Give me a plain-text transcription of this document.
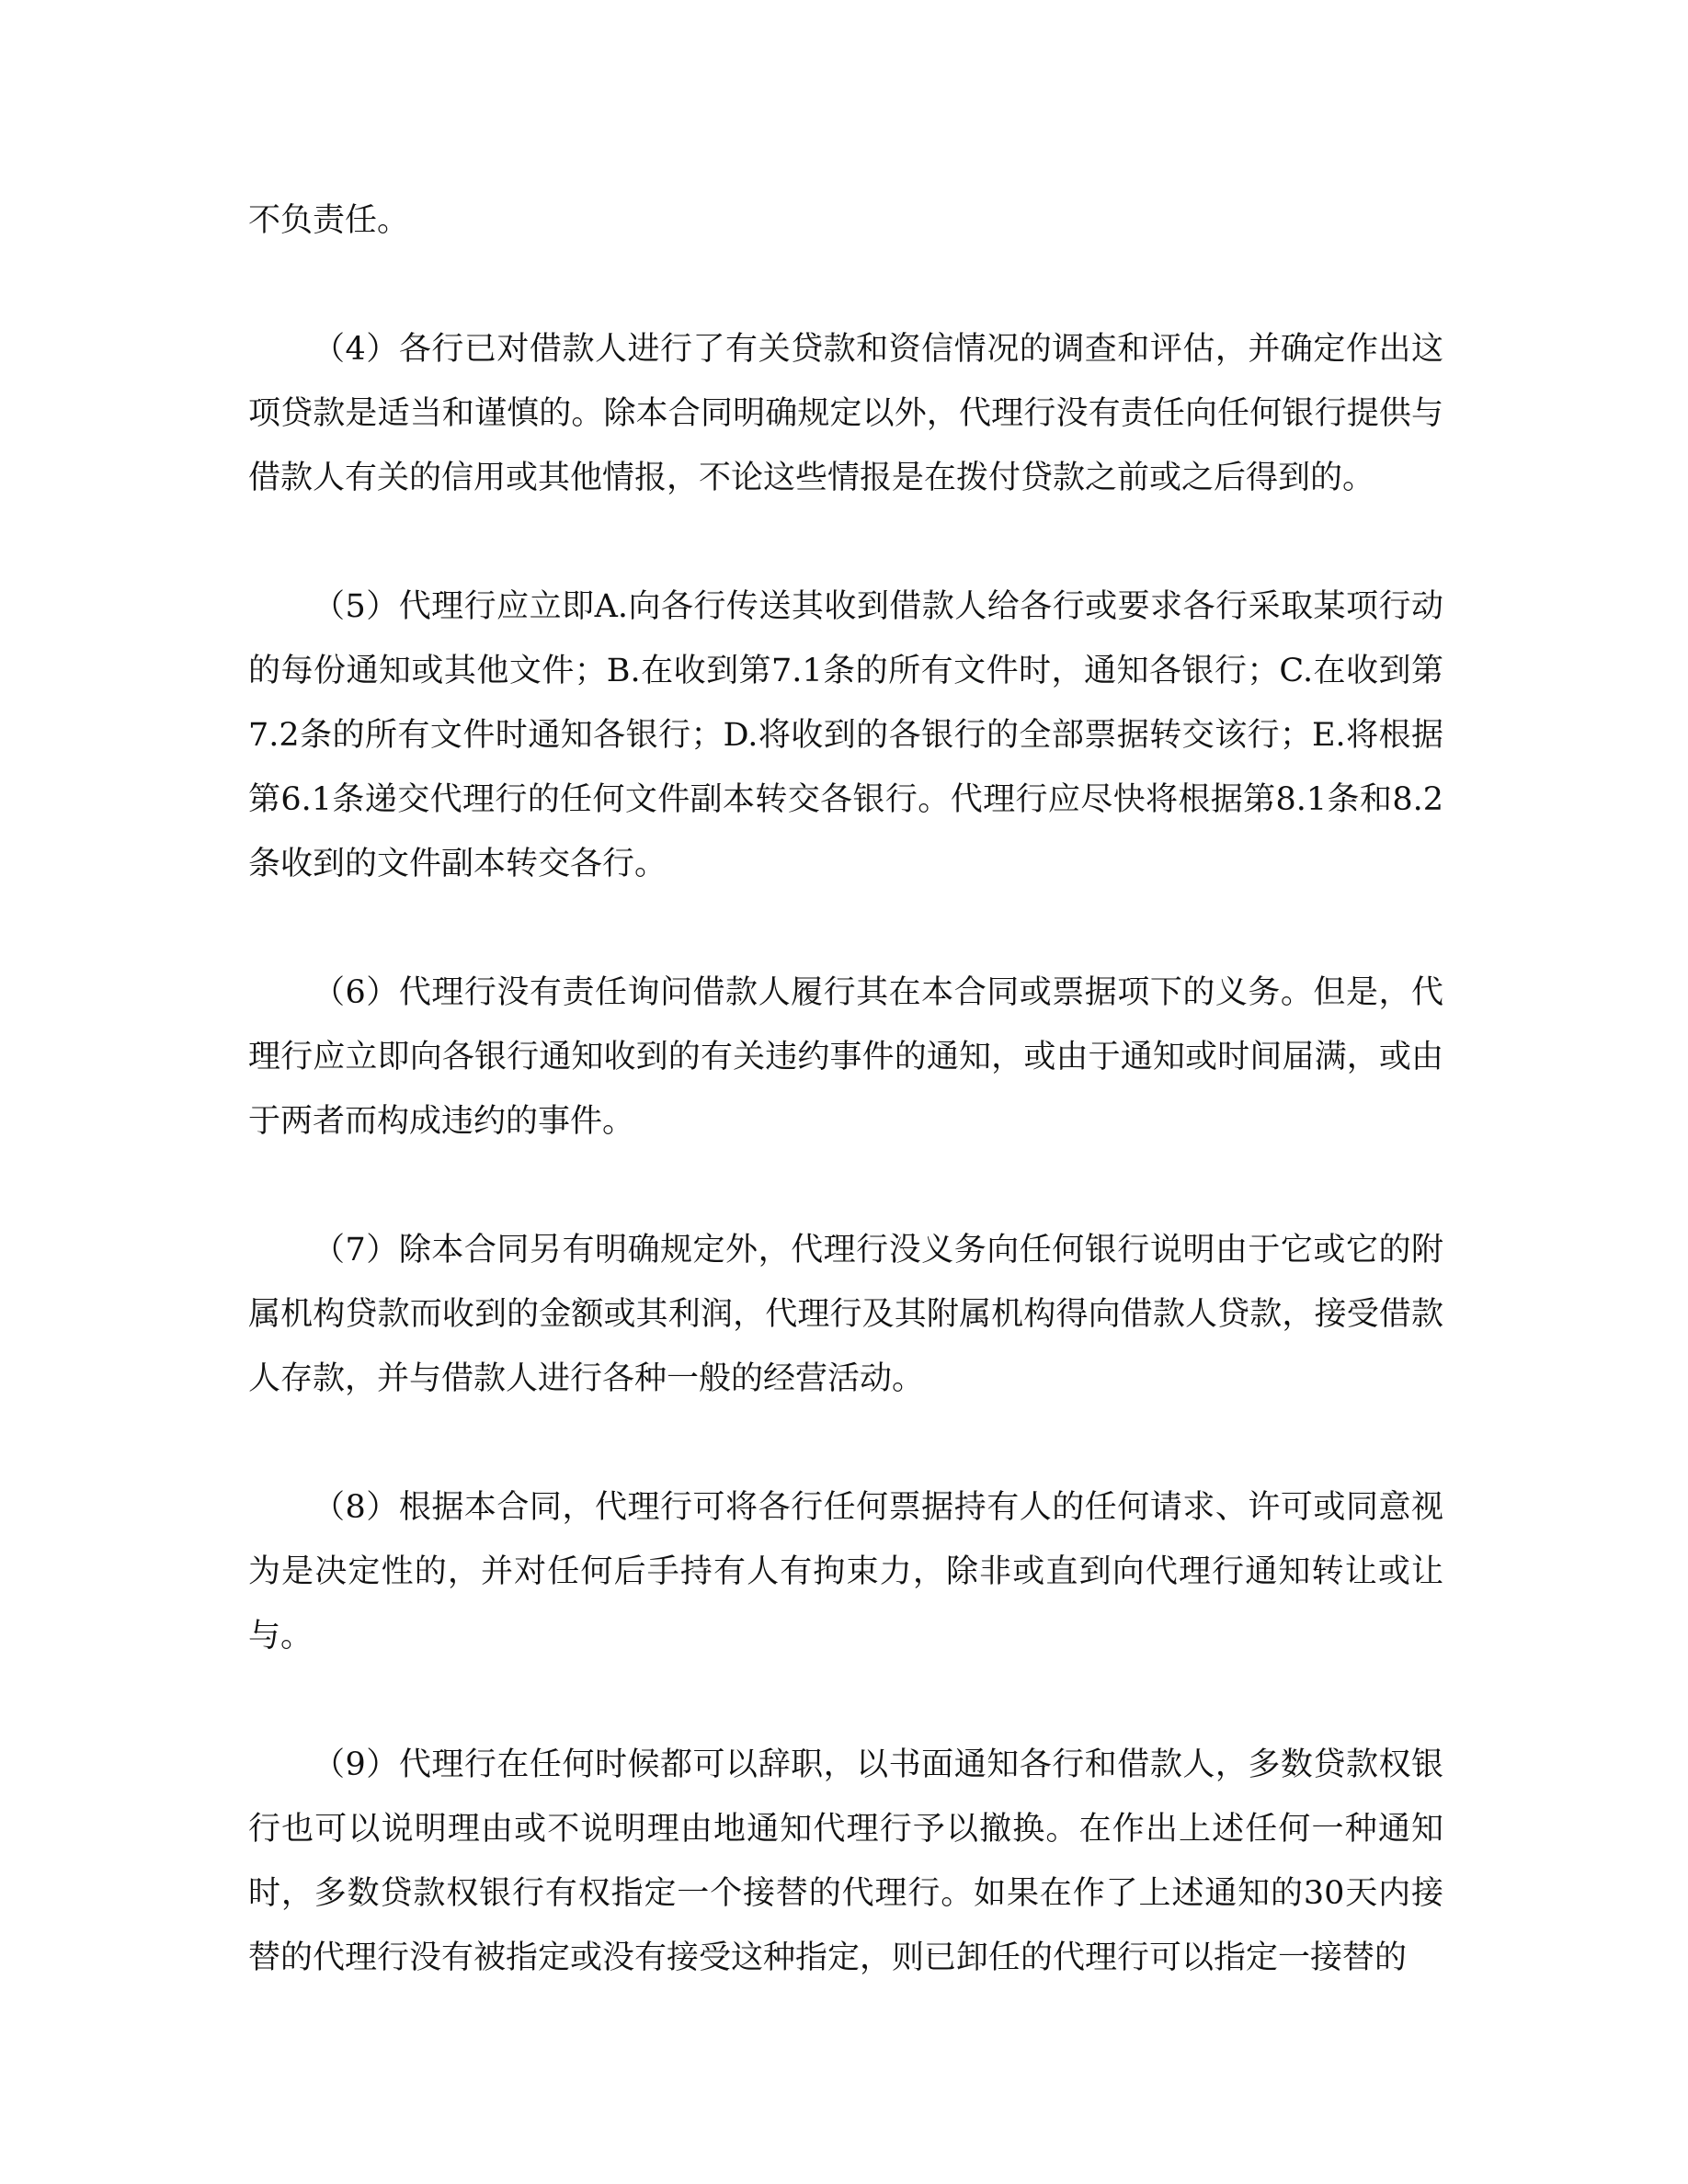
不负责任。

（4）各行已对借款人进行了有关贷款和资信情况的调查和评估，并确定作出这项贷款是适当和谨慎的。除本合同明确规定以外，代理行没有责任向任何银行提供与借款人有关的信用或其他情报，不论这些情报是在拨付贷款之前或之后得到的。

（5）代理行应立即A.向各行传送其收到借款人给各行或要求各行采取某项行动的每份通知或其他文件；B.在收到第7.1条的所有文件时，通知各银行；C.在收到第7.2条的所有文件时通知各银行；D.将收到的各银行的全部票据转交该行；E.将根据第6.1条递交代理行的任何文件副本转交各银行。代理行应尽快将根据第8.1条和8.2条收到的文件副本转交各行。

（6）代理行没有责任询问借款人履行其在本合同或票据项下的义务。但是，代理行应立即向各银行通知收到的有关违约事件的通知，或由于通知或时间届满，或由于两者而构成违约的事件。

（7）除本合同另有明确规定外，代理行没义务向任何银行说明由于它或它的附属机构贷款而收到的金额或其利润，代理行及其附属机构得向借款人贷款，接受借款人存款，并与借款人进行各种一般的经营活动。

（8）根据本合同，代理行可将各行任何票据持有人的任何请求、许可或同意视为是决定性的，并对任何后手持有人有拘束力，除非或直到向代理行通知转让或让与。

（9）代理行在任何时候都可以辞职，以书面通知各行和借款人，多数贷款权银行也可以说明理由或不说明理由地通知代理行予以撤换。在作出上述任何一种通知时，多数贷款权银行有权指定一个接替的代理行。如果在作了上述通知的30天内接替的代理行没有被指定或没有接受这种指定，则已卸任的代理行可以指定一接替的
